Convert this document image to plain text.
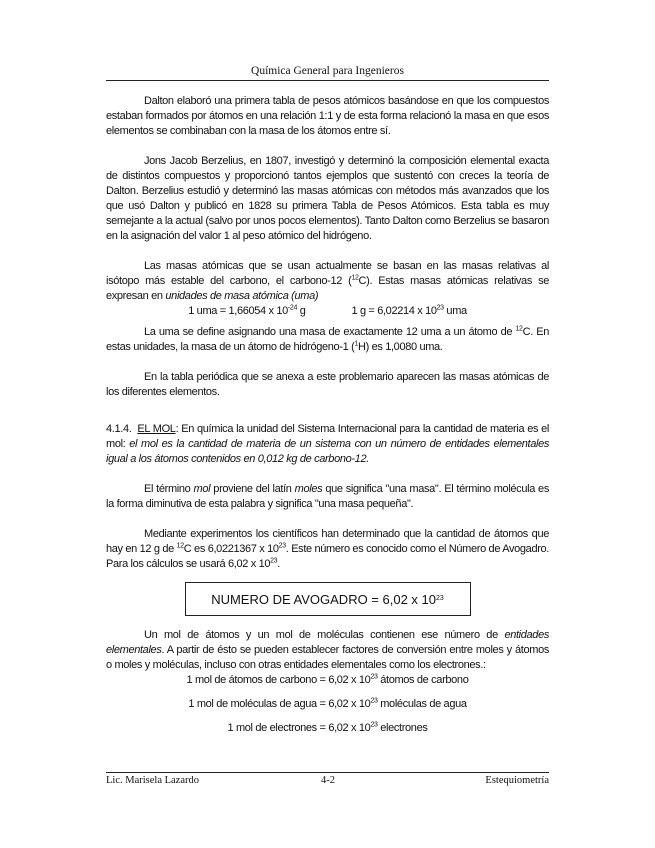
Química General para Ingenieros

Dalton elaboró una primera tabla de pesos atómicos basándose en que los compuestos estaban formados por átomos en una relación 1:1 y de esta forma relacionó la masa en que esos elementos se combinaban con la masa de los átomos entre sí.

Jons Jacob Berzelius, en 1807, investigó y determinó la composición elemental exacta de distintos compuestos y proporcionó tantos ejemplos que sustentó con creces la teoría de Dalton. Berzelius estudió y determinó las masas atómicas con métodos más avanzados que los que usó Dalton y publicó en 1828 su primera Tabla de Pesos Atómicos. Esta tabla es muy semejante a la actual (salvo por unos pocos elementos). Tanto Dalton como Berzelius se basaron en la asignación del valor 1 al peso atómico del hidrógeno.

Las masas atómicas que se usan actualmente se basan en las masas relativas al isótopo más estable del carbono, el carbono-12 ($^{12}$C). Estas masas atómicas relativas se expresan en unidades de masa atómica (uma)

1 uma = 1,66054 x $10^{-24}$ g	1 g = 6,02214 x $10^{23}$ uma

La uma se define asignando una masa de exactamente 12 uma a un átomo de $^{12}$C. En estas unidades, la masa de un átomo de hidrógeno-1 ($^1$H) es 1,0080 uma.

En la tabla periódica que se anexa a este problemario aparecen las masas atómicas de los diferentes elementos.

4.1.4. EL MOL: En química la unidad del Sistema Internacional para la cantidad de materia es el mol: el mol es la cantidad de materia de un sistema con un número de entidades elementales igual a los átomos contenidos en 0,012 kg de carbono-12.

El término mol proviene del latín moles que significa "una masa". El término molécula es la forma diminutiva de esta palabra y significa "una masa pequeña".

Mediante experimentos los científicos han determinado que la cantidad de átomos que hay en 12 g de $^{12}$C es 6,0221367 x $10^{23}$. Este número es conocido como el Número de Avogadro. Para los cálculos se usará 6,02 x $10^{23}$.

NUMERO DE AVOGADRO = 6,02 x 10 23

Un mol de átomos y un mol de moléculas contienen ese número de entidades elementales. A partir de ésto se pueden establecer factores de conversión entre moles y átomos o moles y moléculas, incluso con otras entidades elementales como los electrones.:

1 mol de átomos de carbono = 6,02 x $10^{23}$ átomos de carbono

1 mol de moléculas de agua = 6,02 x $10^{23}$ moléculas de agua

1 mol de electrones = 6,02 x $10^{23}$ electrones

Lic. Marisela Lazardo	4-2	Estequiometría
